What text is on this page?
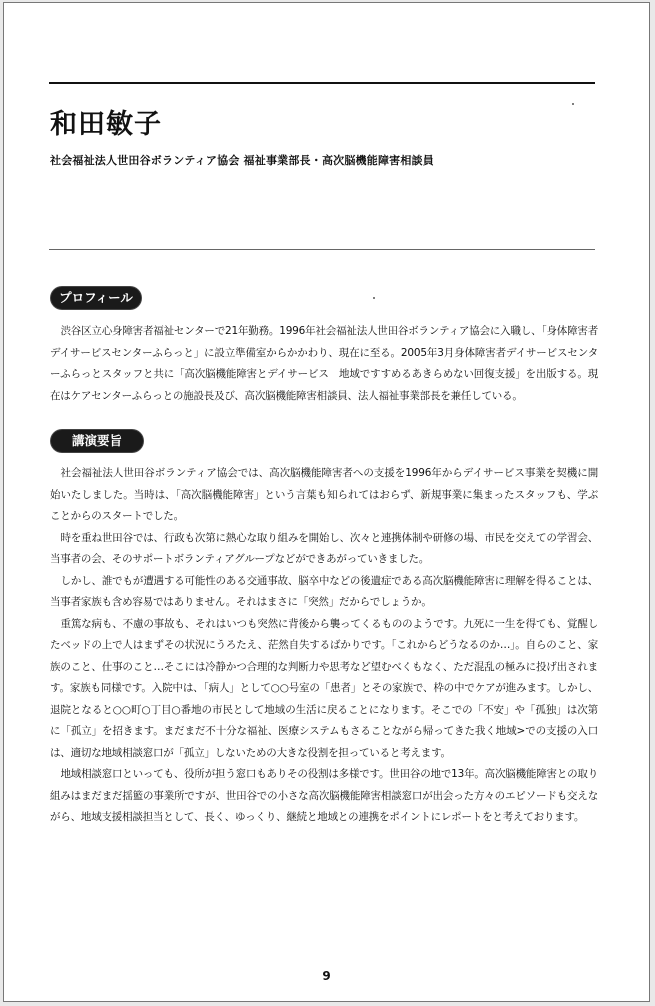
和田敏子
社会福祉法人世田谷ボランティア協会 福祉事業部長・高次脳機能障害相談員
プロフィール

渋谷区立心身障害者福祉センターで21年勤務。1996年社会福祉法人世田谷ボランティア協会に入職し、「身体障害者デイサービスセンターふらっと」に設立準備室からかかわり、現在に至る。2005年3月身体障害者デイサービスセンターふらっとスタッフと共に「高次脳機能障害とデイサービス　地域ですすめるあきらめない回復支援」を出版する。現在はケアセンターふらっとの施設長及び、高次脳機能障害相談員、法人福祉事業部長を兼任している。

講演要旨

社会福祉法人世田谷ボランティア協会では、高次脳機能障害者への支援を1996年からデイサービス事業を契機に開始いたしました。当時は、「高次脳機能障害」という言葉も知られてはおらず、新規事業に集まったスタッフも、学ぶことからのスタートでした。

時を重ね世田谷では、行政も次第に熱心な取り組みを開始し、次々と連携体制や研修の場、市民を交えての学習会、当事者の会、そのサポートボランティアグループなどができあがっていきました。

しかし、誰でもが遭遇する可能性のある交通事故、脳卒中などの後遺症である高次脳機能障害に理解を得ることは、当事者家族も含め容易ではありません。それはまさに「突然」だからでしょうか。

重篤な病も、不慮の事故も、それはいつも突然に背後から襲ってくるもののようです。九死に一生を得ても、覚醒したベッドの上で人はまずその状況にうろたえ、茫然自失するばかりです。「これからどうなるのか…」。自らのこと、家族のこと、仕事のこと…そこには冷静かつ合理的な判断力や思考など望むべくもなく、ただ混乱の極みに投げ出されます。家族も同様です。入院中は、「病人」として○○号室の「患者」とその家族で、枠の中でケアが進みます。しかし、退院となると○○町○丁目○番地の市民として地域の生活に戻ることになります。そこでの「不安」や「孤独」は次第に「孤立」を招きます。まだまだ不十分な福祉、医療システムもさることながら帰ってきた我く地域>での支援の入口は、適切な地域相談窓口が「孤立」しないための大きな役割を担っていると考えます。

地域相談窓口といっても、役所が担う窓口もありその役割は多様です。世田谷の地で13年。高次脳機能障害との取り組みはまだまだ揺籃の事業所ですが、世田谷での小さな高次脳機能障害相談窓口が出会った方々のエピソードも交えながら、地域支援相談担当として、長く、ゆっくり、継続と地域との連携をポイントにレポートをと考えております。

9
